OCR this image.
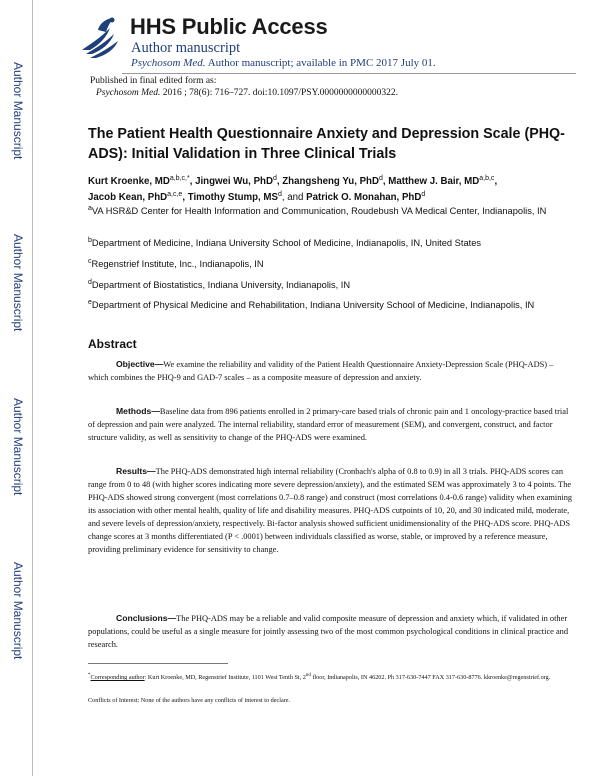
HHS Public Access
Author manuscript
Psychosom Med. Author manuscript; available in PMC 2017 July 01.
Author Manuscript
Author Manuscript
Author Manuscript
Author Manuscript
Published in final edited form as:
Psychosom Med. 2016 ; 78(6): 716–727. doi:10.1097/PSY.0000000000000322.
The Patient Health Questionnaire Anxiety and Depression Scale (PHQ-ADS): Initial Validation in Three Clinical Trials
Kurt Kroenke, $MD^{a,b,c,*}$, Jingwei Wu, PhD$^d$, Zhangsheng Yu, PhD$^d$, Matthew J. Bair, MD$^{a,b,c}$,
Jacob Kean, PhD$^{a,c,e}$, Timothy Stump, $MS^d$, and Patrick O. Monahan, PhD$^d$
$^a$VA HSR&D Center for Health Information and Communication, Roudebush VA Medical Center, Indianapolis, IN
$^b$Department of Medicine, Indiana University School of Medicine, Indianapolis, IN, United States
$^c$Regenstrief Institute, Inc., Indianapolis, IN
$^d$Department of Biostatistics, Indiana University, Indianapolis, IN
$^e$Department of Physical Medicine and Rehabilitation, Indiana University School of Medicine, Indianapolis, IN
Abstract
Objective—We examine the reliability and validity of the Patient Health Questionnaire Anxiety-Depression Scale (PHQ-ADS) – which combines the PHQ-9 and GAD-7 scales – as a composite measure of depression and anxiety.
Methods—Baseline data from 896 patients enrolled in 2 primary-care based trials of chronic pain and 1 oncology-practice based trial of depression and pain were analyzed. The internal reliability, standard error of measurement (SEM), and convergent, construct, and factor structure validity, as well as sensitivity to change of the PHQ-ADS were examined.
Results—The PHQ-ADS demonstrated high internal reliability (Cronbach's alpha of 0.8 to 0.9) in all 3 trials. PHQ-ADS scores can range from 0 to 48 (with higher scores indicating more severe depression/anxiety), and the estimated SEM was approximately 3 to 4 points. The PHQ-ADS showed strong convergent (most correlations 0.7–0.8 range) and construct (most correlations 0.4-0.6 range) validity when examining its association with other mental health, quality of life and disability measures. PHQ-ADS cutpoints of 10, 20, and 30 indicated mild, moderate, and severe levels of depression/anxiety, respectively. Bi-factor analysis showed sufficient unidimensionality of the PHQ-ADS score. PHQ-ADS change scores at 3 months differentiated (P < .0001) between individuals classified as worse, stable, or improved by a reference measure, providing preliminary evidence for sensitivity to change.
Conclusions—The PHQ-ADS may be a reliable and valid composite measure of depression and anxiety which, if validated in other populations, could be useful as a single measure for jointly assessing two of the most common psychological conditions in clinical practice and research.
*Corresponding author: Kurt Kroenke, MD, Regenstrief Institute, 1101 West Tenth St, 2nd floor, Indianapolis, IN 46202. Ph 317-630-7447 FAX 317-630-8776. kkroenke@regenstrief.org.
Conflicts of Interest: None of the authors have any conflicts of interest to declare.
